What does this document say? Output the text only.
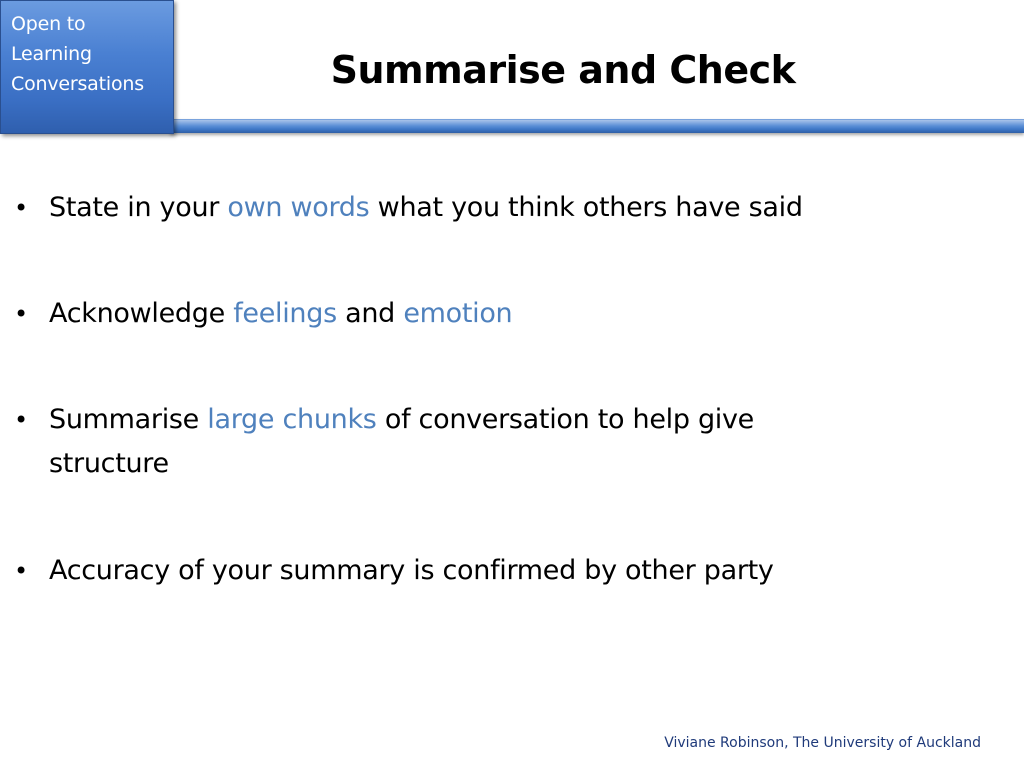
Open to
Learning
Conversations	Summarise and Check
• State in your own words what you think others have said
• Acknowledge feelings and emotion
• Summarise large chunks of conversation to help give structure
• Accuracy of your summary is confirmed by other party
Viviane Robinson, The University of Auckland
